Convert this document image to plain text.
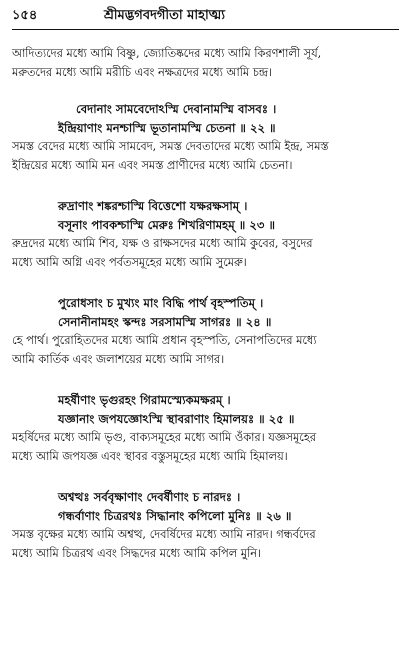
১৫৪	শ্রীমদ্ভগবদগীতা মাহাত্ম্য
আদিত্যদের মধ্যে আমি বিষ্ণু, জ্যোতিষ্কদের মধ্যে আমি কিরণশালী সূর্য,
মরুতদের মধ্যে আমি মরীচি এবং নক্ষত্রদের মধ্যে আমি চন্দ্র।

বেদানাং সামবেদোঽস্মি দেবানামস্মি বাসবঃ ।
ইন্দ্রিয়াণাং মনশ্চাস্মি ভূতানামস্মি চেতনা ॥ ২২ ॥

সমস্ত বেদের মধ্যে আমি সামবেদ, সমস্ত দেবতাদের মধ্যে আমি ইন্দ্র, সমস্ত
ইন্দ্রিয়ের মধ্যে আমি মন এবং সমস্ত প্রাণীদের মধ্যে আমি চেতনা।

রুদ্রাণাং শঙ্করশ্চাস্মি বিত্তেশো যক্ষরক্ষসাম্ ।
বসূনাং পাবকশ্চাস্মি মেরুঃ শিখরিণামহম্ ॥ ২৩ ॥

রুদ্রদের মধ্যে আমি শিব, যক্ষ ও রাক্ষসদের মধ্যে আমি কুবের, বসুদের
মধ্যে আমি অগ্নি এবং পর্বতসমূহের মধ্যে আমি সুমেরু।

পুরোধসাং চ মুখ্যং মাং বিদ্ধি পার্থ বৃহস্পতিম্ ।
সেনানীনামহং স্কন্দঃ সরসামস্মি সাগরঃ ॥ ২৪ ॥

হে পার্থ। পুরোহিতদের মধ্যে আমি প্রধান বৃহস্পতি, সেনাপতিদের মধ্যে
আমি কার্তিক এবং জলাশয়ের মধ্যে আমি সাগর।

মহর্ষীণাং ভৃগুরহং গিরামস্ম্যেকমক্ষরম্ ।
যজ্ঞানাং জপযজ্ঞোঽস্মি স্থাবরাণাং হিমালয়ঃ ॥ ২৫ ॥

মহর্ষিদের মধ্যে আমি ভৃগু, বাক্যসমূহের মধ্যে আমি ওঁকার। যজ্ঞসমূহের
মধ্যে আমি জপযজ্ঞ এবং স্থাবর বস্তুসমূহের মধ্যে আমি হিমালয়।

অশ্বত্থঃ সর্ববৃক্ষাণাং দেবর্ষীণাং চ নারদঃ ।
গন্ধর্বাণাং চিত্ররথঃ সিদ্ধানাং কপিলো মুনিঃ ॥ ২৬ ॥

সমস্ত বৃক্ষের মধ্যে আমি অশ্বত্থ, দেবর্ষিদের মধ্যে আমি নারদ। গন্ধর্বদের
মধ্যে আমি চিত্ররথ এবং সিদ্ধদের মধ্যে আমি কপিল মুনি।
